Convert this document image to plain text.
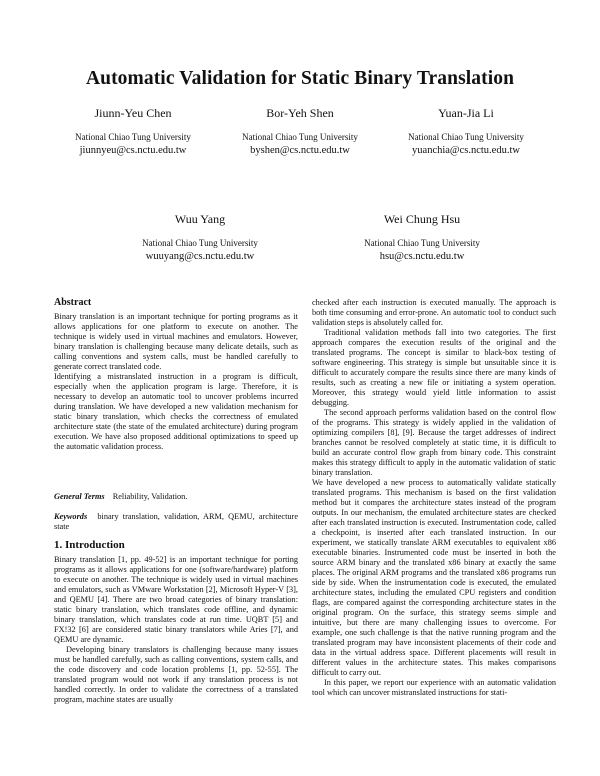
Automatic Validation for Static Binary Translation
Jiunn-Yeu Chen
National Chiao Tung University
jiunnyeu@cs.nctu.edu.tw
Bor-Yeh Shen
National Chiao Tung University
byshen@cs.nctu.edu.tw
Yuan-Jia Li
National Chiao Tung University
yuanchia@cs.nctu.edu.tw
Wuu Yang
National Chiao Tung University
wuuyang@cs.nctu.edu.tw
Wei Chung Hsu
National Chiao Tung University
hsu@cs.nctu.edu.tw
Abstract

Binary translation is an important technique for porting programs as it allows applications for one platform to execute on another. The technique is widely used in virtual machines and emulators. However, binary translation is challenging because many delicate details, such as calling conventions and system calls, must be handled carefully to generate correct translated code.

Identifying a mistranslated instruction in a program is difficult, especially when the application program is large. Therefore, it is necessary to develop an automatic tool to uncover problems incurred during translation. We have developed a new validation mechanism for static binary translation, which checks the correctness of emulated architecture state (the state of the emulated architecture) during program execution. We have also proposed additional optimizations to speed up the automatic validation process.

General Terms Reliability, Validation.
Keywords binary translation, validation, ARM, QEMU, architecture state
1. Introduction

Binary translation [1, pp. 49-52] is an important technique for porting programs as it allows applications for one (software/hardware) platform to execute on another. The technique is widely used in virtual machines and emulators, such as VMware Workstation [2], Microsoft Hyper-V [3], and QEMU [4]. There are two broad categories of binary translation: static binary translation, which translates code offline, and dynamic binary translation, which translates code at run time. UQBT [5] and FX!32 [6] are considered static binary translators while Aries [7], and QEMU are dynamic.

Developing binary translators is challenging because many issues must be handled carefully, such as calling conventions, system calls, and the code discovery and code location problems [1, pp. 52-55]. The translated program would not work if any translation process is not handled correctly. In order to validate the correctness of a translated program, machine states are usually

checked after each instruction is executed manually. The approach is both time consuming and error-prone. An automatic tool to conduct such validation steps is absolutely called for.

Traditional validation methods fall into two categories. The first approach compares the execution results of the original and the translated programs. The concept is similar to black-box testing of software engineering. This strategy is simple but unsuitable since it is difficult to accurately compare the results since there are many kinds of results, such as creating a new file or initiating a system operation. Moreover, this strategy would yield little information to assist debugging.

The second approach performs validation based on the control flow of the programs. This strategy is widely applied in the validation of optimizing compilers [8], [9]. Because the target addresses of indirect branches cannot be resolved completely at static time, it is difficult to build an accurate control flow graph from binary code. This constraint makes this strategy difficult to apply in the automatic validation of static binary translation.

We have developed a new process to automatically validate statically translated programs. This mechanism is based on the first validation method but it compares the architecture states instead of the program outputs. In our mechanism, the emulated architecture states are checked after each translated instruction is executed. Instrumentation code, called a checkpoint, is inserted after each translated instruction. In our experiment, we statically translate ARM executables to equivalent x86 executable binaries. Instrumented code must be inserted in both the source ARM binary and the translated x86 binary at exactly the same places. The original ARM programs and the translated x86 programs run side by side. When the instrumentation code is executed, the emulated architecture states, including the emulated CPU registers and condition flags, are compared against the corresponding architecture states in the original program. On the surface, this strategy seems simple and intuitive, but there are many challenging issues to overcome. For example, one such challenge is that the native running program and the translated program may have inconsistent placements of their code and data in the virtual address space. Different placements will result in different values in the architecture states. This makes comparisons difficult to carry out.

In this paper, we report our experience with an automatic validation tool which can uncover mistranslated instructions for stati-
